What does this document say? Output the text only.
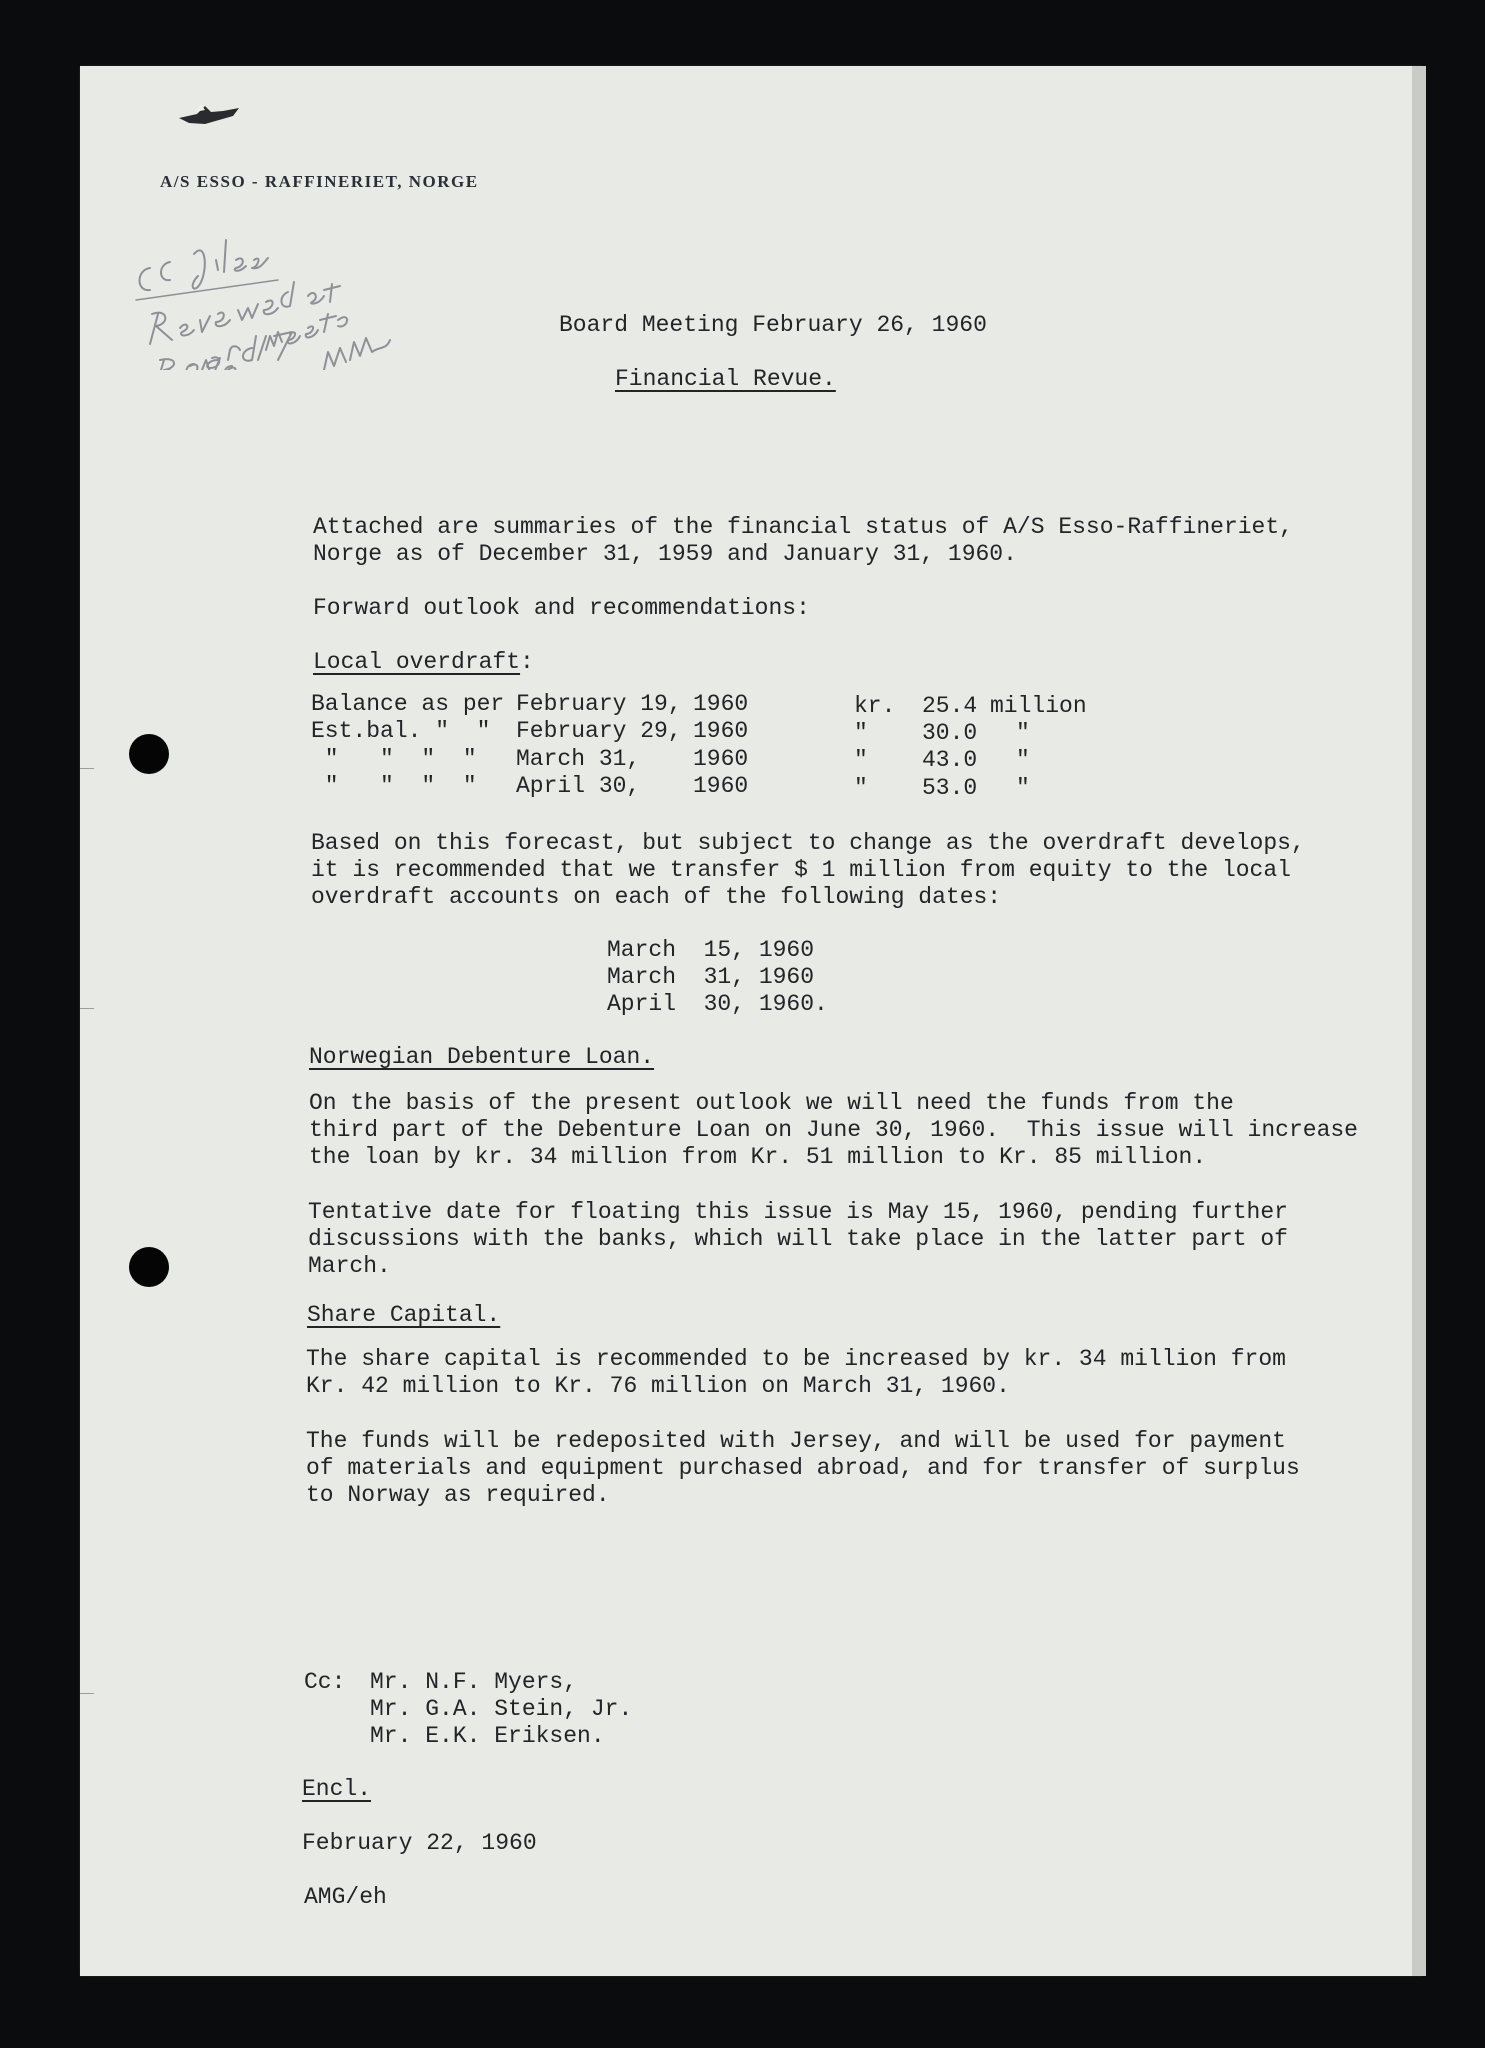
A/S ESSO - RAFFINERIET, NORGE
Board Meeting February 26, 1960
Financial Revue.
Attached are summaries of the financial status of A/S Esso-Raffineriet,
Norge as of December 31, 1959 and January 31, 1960.
Forward outlook and recommendations:
Local overdraft:
Balance as per February 19, 1960	kr. 25.4 million
Est.bal. "  " February 29, 1960	" 30.0 "
"   "  "  " March 31, 1960	" 43.0 "
"   "  "  " April 30, 1960	" 53.0 "
Based on this forecast, but subject to change as the overdraft develops,
it is recommended that we transfer $ 1 million from equity to the local
overdraft accounts on each of the following dates:
March  15, 1960
March  31, 1960
April  30, 1960.
Norwegian Debenture Loan.
On the basis of the present outlook we will need the funds from the
third part of the Debenture Loan on June 30, 1960.  This issue will increase
the loan by kr. 34 million from Kr. 51 million to Kr. 85 million.
Tentative date for floating this issue is May 15, 1960, pending further
discussions with the banks, which will take place in the latter part of
March.
Share Capital.
The share capital is recommended to be increased by kr. 34 million from
Kr. 42 million to Kr. 76 million on March 31, 1960.
The funds will be redeposited with Jersey, and will be used for payment
of materials and equipment purchased abroad, and for transfer of surplus
to Norway as required.
Cc: Mr. N.F. Myers,
Mr. G.A. Stein, Jr.
Mr. E.K. Eriksen.
Encl.
February 22, 1960
AMG/eh
